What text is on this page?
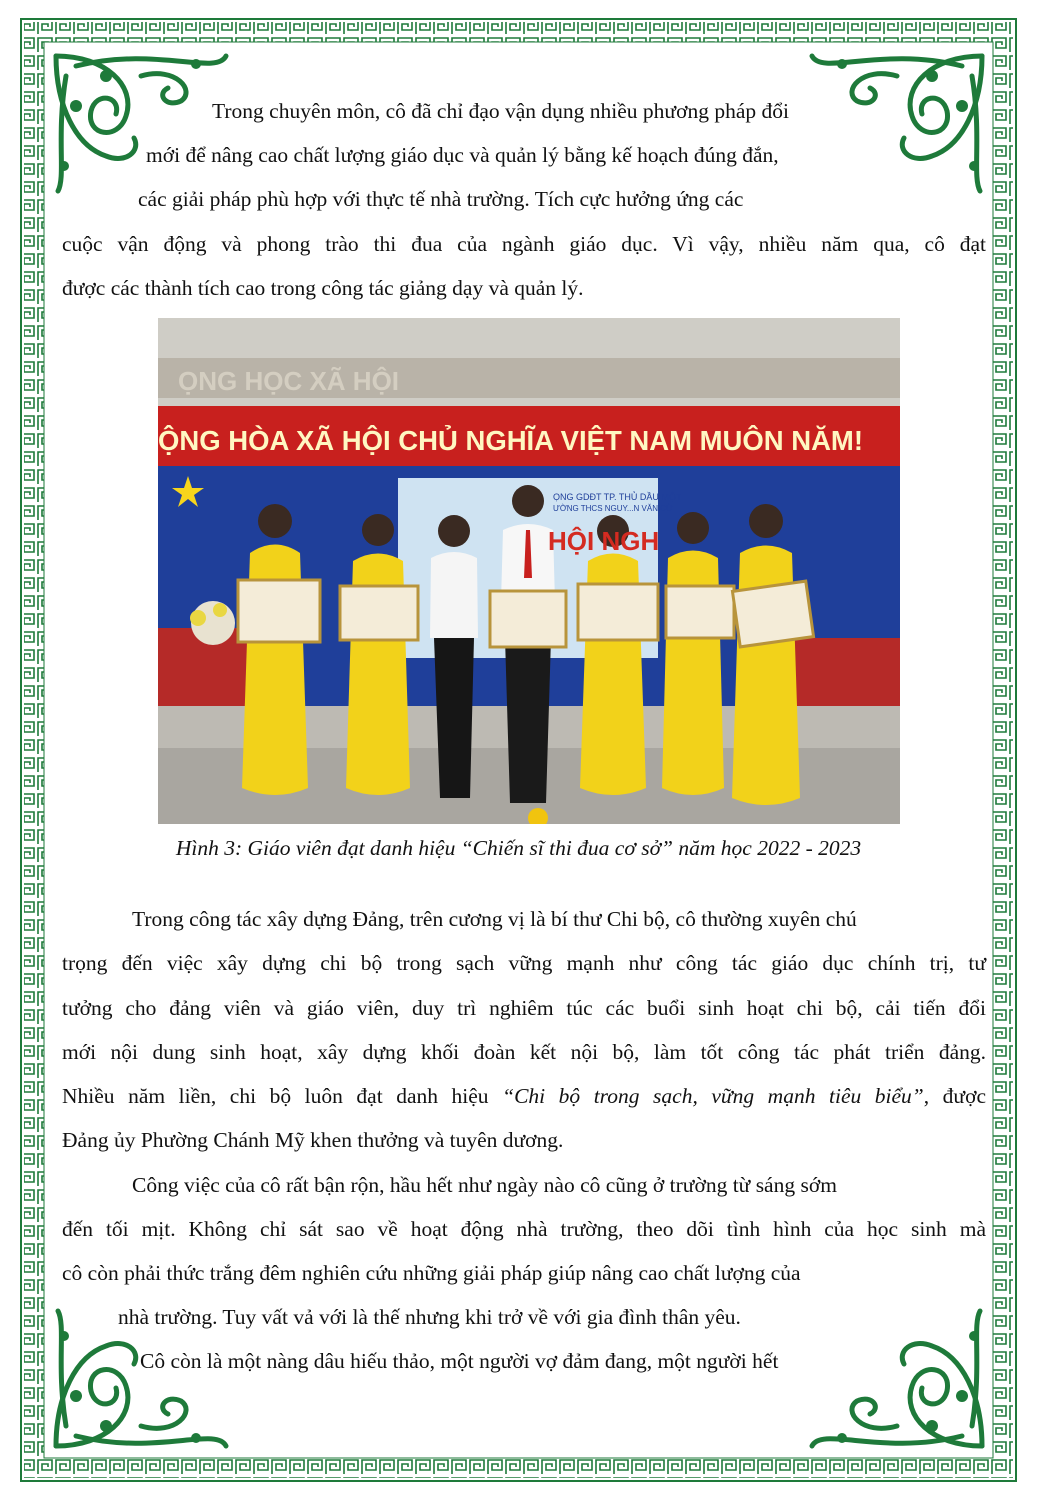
Trong chuyên môn, cô đã chỉ đạo vận dụng nhiều phương pháp đổi
mới để nâng cao chất lượng giáo dục và quản lý bằng kế hoạch đúng đắn,
các giải pháp phù hợp với thực tế nhà trường. Tích cực hưởng ứng các
cuộc vận động và phong trào thi đua của ngành giáo dục. Vì vậy, nhiều năm qua, cô đạt
được các thành tích cao trong công tác giảng dạy và quản lý.
ỘNG HÒA XÃ HỘI CHỦ NGHĨA VIỆT NAM MUÔN NĂM!
ỌNG HỌC XÃ HỘI
ỌNG GDĐT TP. THỦ DẦU MỘT
ƯỜNG THCS NGUY...N VĂN CỪ
HỘI NGH
Hình 3: Giáo viên đạt danh hiệu “Chiến sĩ thi đua cơ sở” năm học 2022 - 2023
Trong công tác xây dựng Đảng, trên cương vị là bí thư Chi bộ, cô thường xuyên chú
trọng đến việc xây dựng chi bộ trong sạch vững mạnh như công tác giáo dục chính trị, tư
tưởng cho đảng viên và giáo viên, duy trì nghiêm túc các buổi sinh hoạt chi bộ, cải tiến đổi
mới nội dung sinh hoạt, xây dựng khối đoàn kết nội bộ, làm tốt công tác phát triển đảng.
Nhiều năm liền, chi bộ luôn đạt danh hiệu “Chi bộ trong sạch, vững mạnh tiêu biểu”, được
Đảng ủy Phường Chánh Mỹ khen thưởng và tuyên dương.
Công việc của cô rất bận rộn, hầu hết như ngày nào cô cũng ở trường từ sáng sớm
đến tối mịt. Không chỉ sát sao về hoạt động nhà trường, theo dõi tình hình của học sinh mà
cô còn phải thức trắng đêm nghiên cứu những giải pháp giúp nâng cao chất lượng của
nhà trường. Tuy vất vả với là thế nhưng khi trở về với gia đình thân yêu.
Cô còn là một nàng dâu hiếu thảo, một người vợ đảm đang, một người hết
